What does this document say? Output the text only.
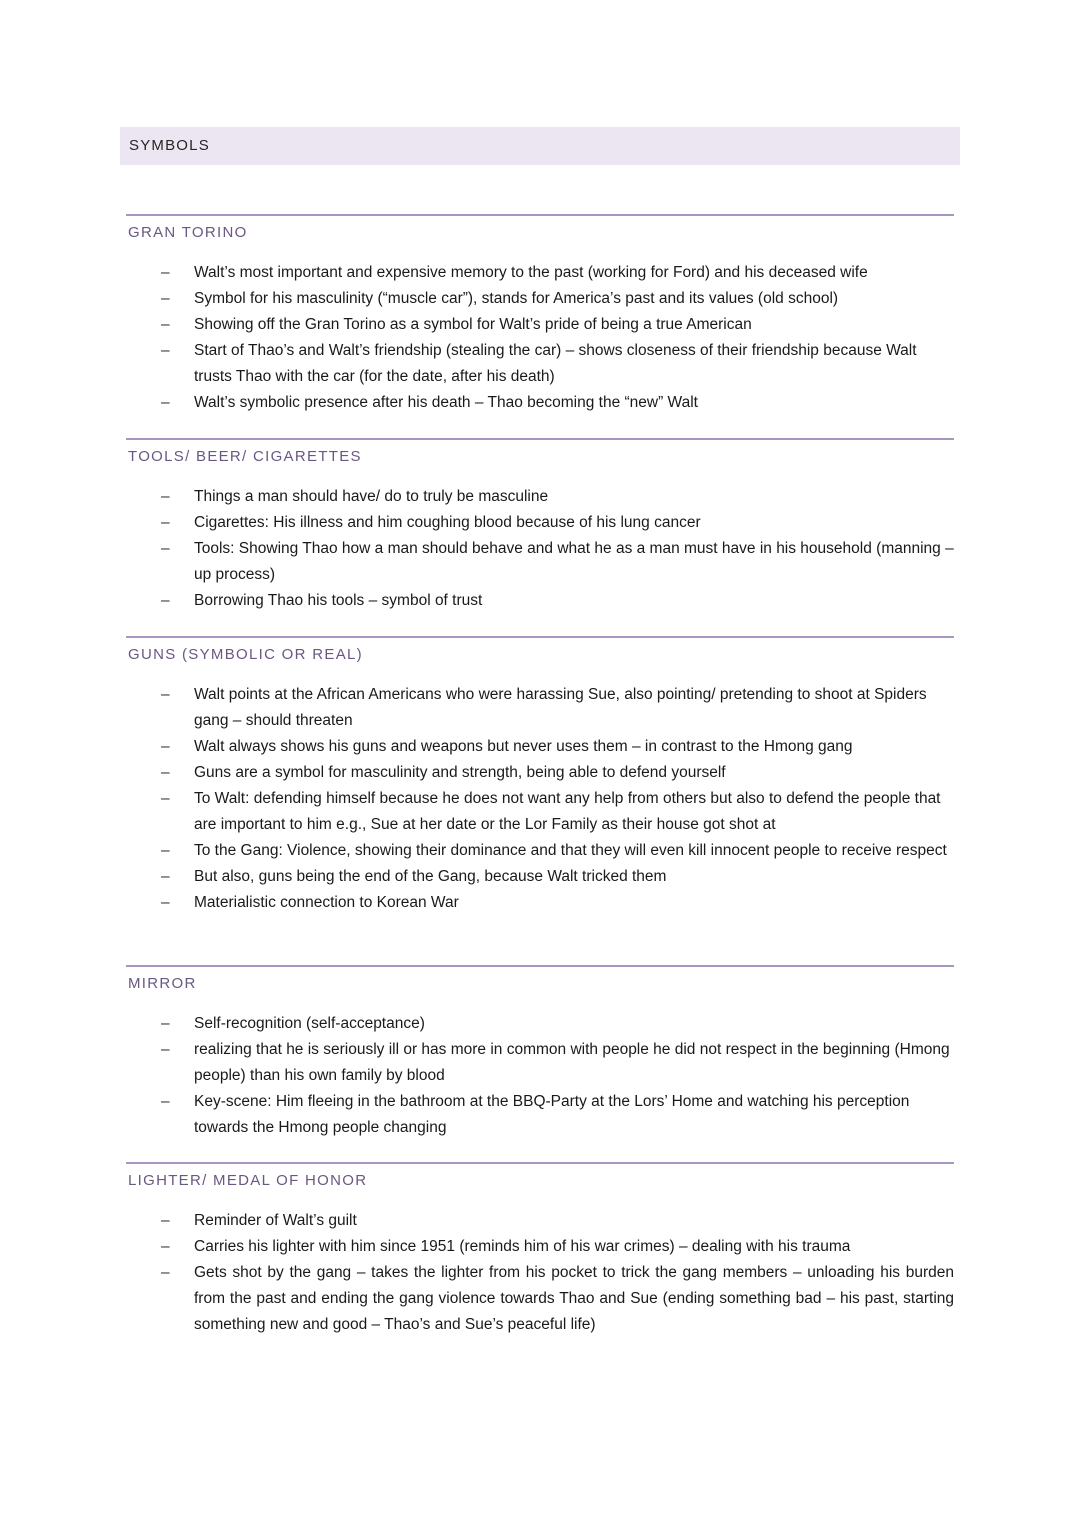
SYMBOLS
GRAN TORINO
– Walt’s most important and expensive memory to the past (working for Ford) and his deceased wife
– Symbol for his masculinity (“muscle car”), stands for America’s past and its values (old school)
– Showing off the Gran Torino as a symbol for Walt’s pride of being a true American
– Start of Thao’s and Walt’s friendship (stealing the car) – shows closeness of their friendship because Walt trusts Thao with the car (for the date, after his death)
– Walt’s symbolic presence after his death – Thao becoming the “new” Walt
TOOLS/ BEER/ CIGARETTES
– Things a man should have/ do to truly be masculine
– Cigarettes: His illness and him coughing blood because of his lung cancer
– Tools: Showing Thao how a man should behave and what he as a man must have in his household (manning – up process)
– Borrowing Thao his tools – symbol of trust
GUNS (SYMBOLIC OR REAL)
– Walt points at the African Americans who were harassing Sue, also pointing/ pretending to shoot at Spiders gang – should threaten
– Walt always shows his guns and weapons but never uses them – in contrast to the Hmong gang
– Guns are a symbol for masculinity and strength, being able to defend yourself
– To Walt: defending himself because he does not want any help from others but also to defend the people that are important to him e.g., Sue at her date or the Lor Family as their house got shot at
– To the Gang: Violence, showing their dominance and that they will even kill innocent people to receive respect
– But also, guns being the end of the Gang, because Walt tricked them
– Materialistic connection to Korean War
MIRROR
– Self-recognition (self-acceptance)
– realizing that he is seriously ill or has more in common with people he did not respect in the beginning (Hmong people) than his own family by blood
– Key-scene: Him fleeing in the bathroom at the BBQ-Party at the Lors’ Home and watching his perception towards the Hmong people changing
LIGHTER/ MEDAL OF HONOR
– Reminder of Walt’s guilt
– Carries his lighter with him since 1951 (reminds him of his war crimes) – dealing with his trauma
– Gets shot by the gang – takes the lighter from his pocket to trick the gang members – unloading his burden from the past and ending the gang violence towards Thao and Sue (ending something bad – his past, starting something new and good – Thao’s and Sue’s peaceful life)
